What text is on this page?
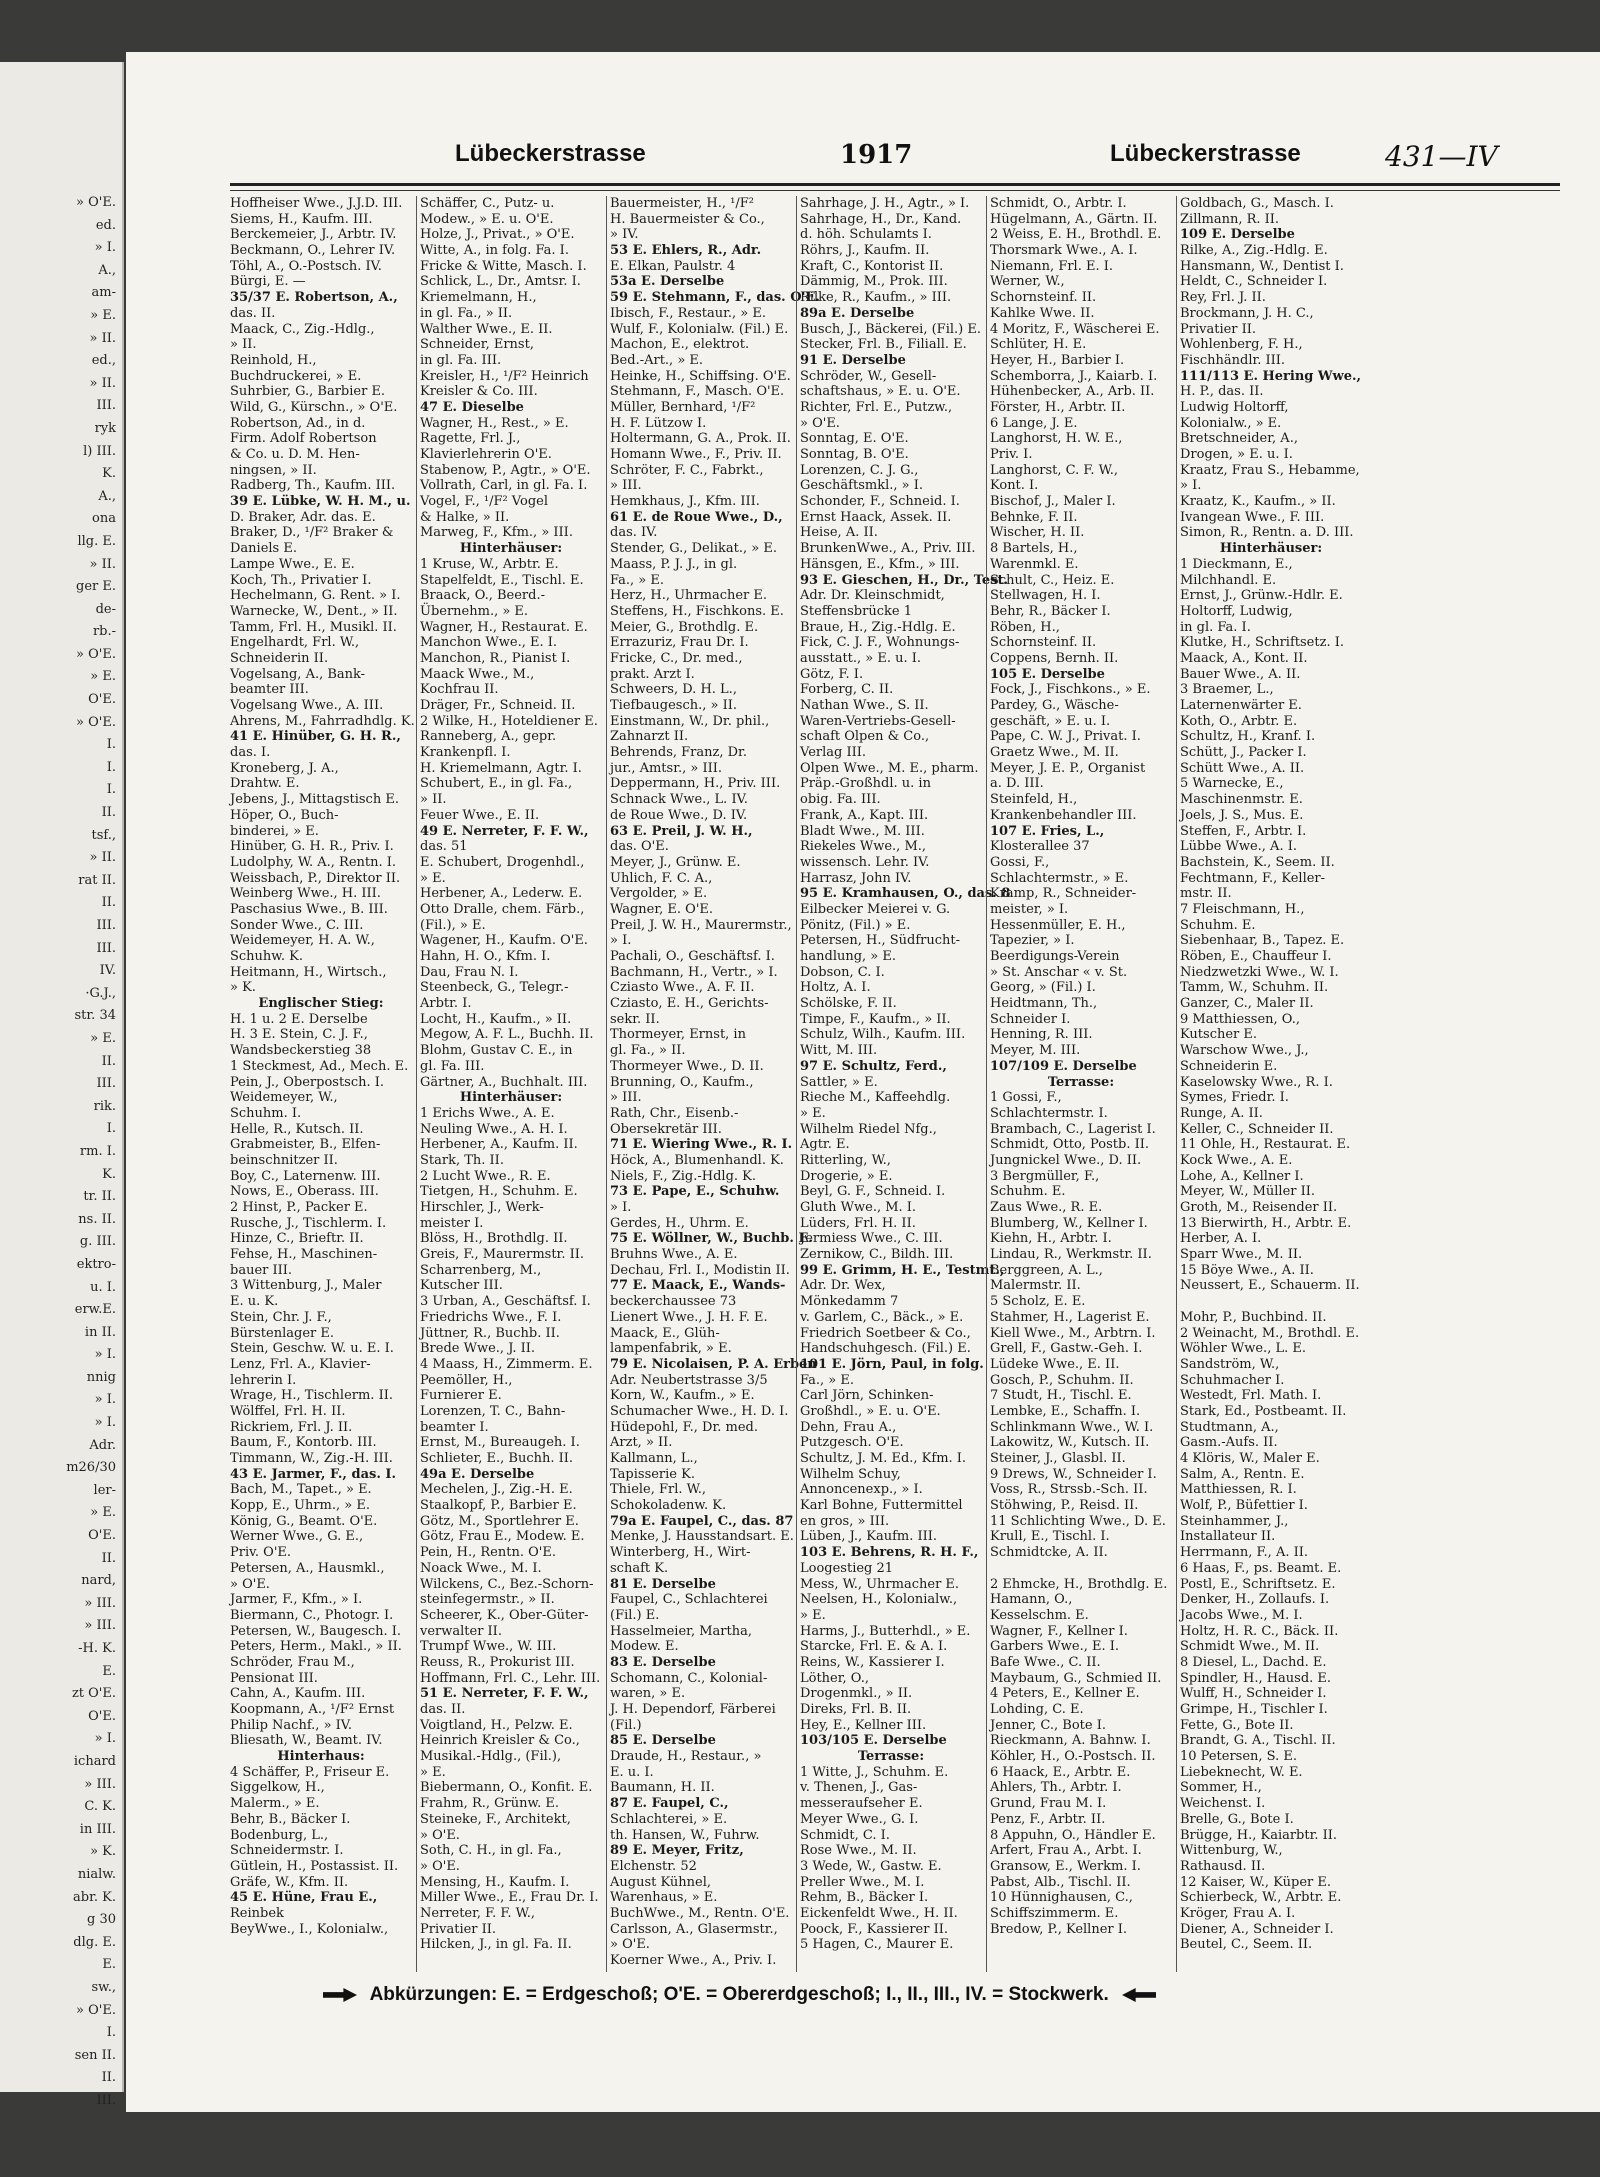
» O'E.
ed.
» I.
A.,
am-
» E.
» II.
ed.,
» II.
III.
ryk
l) III.
K.
A.,
ona
llg. E.
» II.
ger E.
de-
rb.-
» O'E.
» E.
O'E.
» O'E.
I.
I.
I.
II.
tsf.,
» II.
rat II.
II.
III.
III.
IV.
·G.J.,
str. 34
» E.
II.
III.
rik.
I.
rm. I.
K.
tr. II.
ns. II.
g. III.
ektro-
u. I.
erw.E.
in II.
» I.
nnig
» I.
» I.
Adr.
m26/30
ler-
» E.
O'E.
II.
nard,
» III.
» III.
-H. K.
E.
zt O'E.
O'E.
» I.
ichard
» III.
C. K.
in III.
» K.
nialw.
abr. K.
g 30
dlg. E.
E.
sw.,
» O'E.
I.
sen II.
II.
III.
Lübeckerstrasse	1917	Lübeckerstrasse	431—IV
Hoffheiser Wwe., J.J.D. III.
Siems, H., Kaufm. III.
Berckemeier, J., Arbtr. IV.
Beckmann, O., Lehrer IV.
Töhl, A., O.-Postsch. IV.
Bürgi, E. —
35/37 E. Robertson, A.,
das. II.
Maack, C., Zig.-Hdlg.,
» II.
Reinhold, H.,
Buchdruckerei, » E.
Suhrbier, G., Barbier E.
Wild, G., Kürschn., » O'E.
Robertson, Ad., in d.
Firm. Adolf Robertson
& Co. u. D. M. Hen-
ningsen, » II.
Radberg, Th., Kaufm. III.
39 E. Lübke, W. H. M., u.
D. Braker, Adr. das. E.
Braker, D., ¹/F² Braker &
Daniels E.
Lampe Wwe., E. E.
Koch, Th., Privatier I.
Hechelmann, G. Rent. » I.
Warnecke, W., Dent., » II.
Tamm, Frl. H., Musikl. II.
Engelhardt, Frl. W.,
Schneiderin II.
Vogelsang, A., Bank-
beamter III.
Vogelsang Wwe., A. III.
Ahrens, M., Fahrradhdlg. K.
41 E. Hinüber, G. H. R.,
das. I.
Kroneberg, J. A.,
Drahtw. E.
Jebens, J., Mittagstisch E.
Höper, O., Buch-
binderei, » E.
Hinüber, G. H. R., Priv. I.
Ludolphy, W. A., Rentn. I.
Weissbach, P., Direktor II.
Weinberg Wwe., H. III.
Paschasius Wwe., B. III.
Sonder Wwe., C. III.
Weidemeyer, H. A. W.,
Schuhw. K.
Heitmann, H., Wirtsch.,
» K.
Englischer Stieg:
H. 1 u. 2 E. Derselbe
H. 3 E. Stein, C. J. F.,
Wandsbeckerstieg 38
1 Steckmest, Ad., Mech. E.
Pein, J., Oberpostsch. I.
Weidemeyer, W.,
Schuhm. I.
Helle, R., Kutsch. II.
Grabmeister, B., Elfen-
beinschnitzer II.
Boy, C., Laternenw. III.
Nows, E., Oberass. III.
2 Hinst, P., Packer E.
Rusche, J., Tischlerm. I.
Hinze, C., Brieftr. II.
Fehse, H., Maschinen-
bauer III.
3 Wittenburg, J., Maler
E. u. K.
Stein, Chr. J. F.,
Bürstenlager E.
Stein, Geschw. W. u. E. I.
Lenz, Frl. A., Klavier-
lehrerin I.
Wrage, H., Tischlerm. II.
Wölffel, Frl. H. II.
Rickriem, Frl. J. II.
Baum, F., Kontorb. III.
Timmann, W., Zig.-H. III.
43 E. Jarmer, F., das. I.
Bach, M., Tapet., » E.
Kopp, E., Uhrm., » E.
König, G., Beamt. O'E.
Werner Wwe., G. E.,
Priv. O'E.
Petersen, A., Hausmkl.,
» O'E.
Jarmer, F., Kfm., » I.
Biermann, C., Photogr. I.
Petersen, W., Baugesch. I.
Peters, Herm., Makl., » II.
Schröder, Frau M.,
Pensionat III.
Cahn, A., Kaufm. III.
Koopmann, A., ¹/F² Ernst
Philip Nachf., » IV.
Bliesath, W., Beamt. IV.
Hinterhaus:
4 Schäffer, P., Friseur E.
Siggelkow, H.,
Malerm., » E.
Behr, B., Bäcker I.
Bodenburg, L.,
Schneidermstr. I.
Gütlein, H., Postassist. II.
Gräfe, W., Kfm. II.
45 E. Hüne, Frau E.,
Reinbek
BeyWwe., I., Kolonialw.,
Schäffer, C., Putz- u.
Modew., » E. u. O'E.
Holze, J., Privat., » O'E.
Witte, A., in folg. Fa. I.
Fricke & Witte, Masch. I.
Schlick, L., Dr., Amtsr. I.
Kriemelmann, H.,
in gl. Fa., » II.
Walther Wwe., E. II.
Schneider, Ernst,
in gl. Fa. III.
Kreisler, H., ¹/F² Heinrich
Kreisler & Co. III.
47 E. Dieselbe
Wagner, H., Rest., » E.
Ragette, Frl. J.,
Klavierlehrerin O'E.
Stabenow, P., Agtr., » O'E.
Vollrath, Carl, in gl. Fa. I.
Vogel, F., ¹/F² Vogel
& Halke, » II.
Marweg, F., Kfm., » III.
Hinterhäuser:
1 Kruse, W., Arbtr. E.
Stapelfeldt, E., Tischl. E.
Braack, O., Beerd.-
Übernehm., » E.
Wagner, H., Restaurat. E.
Manchon Wwe., E. I.
Manchon, R., Pianist I.
Maack Wwe., M.,
Kochfrau II.
Dräger, Fr., Schneid. II.
2 Wilke, H., Hoteldiener E.
Ranneberg, A., gepr.
Krankenpfl. I.
H. Kriemelmann, Agtr. I.
Schubert, E., in gl. Fa.,
» II.
Feuer Wwe., E. II.
49 E. Nerreter, F. F. W.,
das. 51
E. Schubert, Drogenhdl.,
» E.
Herbener, A., Lederw. E.
Otto Dralle, chem. Färb.,
(Fil.), » E.
Wagener, H., Kaufm. O'E.
Hahn, H. O., Kfm. I.
Dau, Frau N. I.
Steenbeck, G., Telegr.-
Arbtr. I.
Locht, H., Kaufm., » II.
Megow, A. F. L., Buchh. II.
Blohm, Gustav C. E., in
gl. Fa. III.
Gärtner, A., Buchhalt. III.
Hinterhäuser:
1 Erichs Wwe., A. E.
Neuling Wwe., A. H. I.
Herbener, A., Kaufm. II.
Stark, Th. II.
2 Lucht Wwe., R. E.
Tietgen, H., Schuhm. E.
Hirschler, J., Werk-
meister I.
Blöss, H., Brothdlg. II.
Greis, F., Maurermstr. II.
Scharrenberg, M.,
Kutscher III.
3 Urban, A., Geschäftsf. I.
Friedrichs Wwe., F. I.
Jüttner, R., Buchb. II.
Brede Wwe., J. II.
4 Maass, H., Zimmerm. E.
Peemöller, H.,
Furnierer E.
Lorenzen, T. C., Bahn-
beamter I.
Ernst, M., Bureaugeh. I.
Schlieter, E., Buchh. II.
49a E. Derselbe
Mechelen, J., Zig.-H. E.
Staalkopf, P., Barbier E.
Götz, M., Sportlehrer E.
Götz, Frau E., Modew. E.
Pein, H., Rentn. O'E.
Noack Wwe., M. I.
Wilckens, C., Bez.-Schorn-
steinfegermstr., » II.
Scheerer, K., Ober-Güter-
verwalter II.
Trumpf Wwe., W. III.
Reuss, R., Prokurist III.
Hoffmann, Frl. C., Lehr. III.
51 E. Nerreter, F. F. W.,
das. II.
Voigtland, H., Pelzw. E.
Heinrich Kreisler & Co.,
Musikal.-Hdlg., (Fil.),
» E.
Biebermann, O., Konfit. E.
Frahm, R., Grünw. E.
Steineke, F., Architekt,
» O'E.
Soth, C. H., in gl. Fa.,
» O'E.
Mensing, H., Kaufm. I.
Miller Wwe., E., Frau Dr. I.
Nerreter, F. F. W.,
Privatier II.
Hilcken, J., in gl. Fa. II.
Bauermeister, H., ¹/F²
H. Bauermeister & Co.,
» IV.
53 E. Ehlers, R., Adr.
E. Elkan, Paulstr. 4
53a E. Derselbe
59 E. Stehmann, F., das. O'E.
Ibisch, F., Restaur., » E.
Wulf, F., Kolonialw. (Fil.) E.
Machon, E., elektrot.
Bed.-Art., » E.
Heinke, H., Schiffsing. O'E.
Stehmann, F., Masch. O'E.
Müller, Bernhard, ¹/F²
H. F. Lützow I.
Holtermann, G. A., Prok. II.
Homann Wwe., F., Priv. II.
Schröter, F. C., Fabrkt.,
» III.
Hemkhaus, J., Kfm. III.
61 E. de Roue Wwe., D.,
das. IV.
Stender, G., Delikat., » E.
Maass, P. J. J., in gl.
Fa., » E.
Herz, H., Uhrmacher E.
Steffens, H., Fischkons. E.
Meier, G., Brothdlg. E.
Errazuriz, Frau Dr. I.
Fricke, C., Dr. med.,
prakt. Arzt I.
Schweers, D. H. L.,
Tiefbaugesch., » II.
Einstmann, W., Dr. phil.,
Zahnarzt II.
Behrends, Franz, Dr.
jur., Amtsr., » III.
Deppermann, H., Priv. III.
Schnack Wwe., L. IV.
de Roue Wwe., D. IV.
63 E. Preil, J. W. H.,
das. O'E.
Meyer, J., Grünw. E.
Uhlich, F. C. A.,
Vergolder, » E.
Wagner, E. O'E.
Preil, J. W. H., Maurermstr.,
» I.
Pachali, O., Geschäftsf. I.
Bachmann, H., Vertr., » I.
Cziasto Wwe., A. F. II.
Cziasto, E. H., Gerichts-
sekr. II.
Thormeyer, Ernst, in
gl. Fa., » II.
Thormeyer Wwe., D. II.
Brunning, O., Kaufm.,
» III.
Rath, Chr., Eisenb.-
Obersekretär III.
71 E. Wiering Wwe., R. I.
Höck, A., Blumenhandl. K.
Niels, F., Zig.-Hdlg. K.
73 E. Pape, E., Schuhw.
» I.
Gerdes, H., Uhrm. E.
75 E. Wöllner, W., Buchb. E.
Bruhns Wwe., A. E.
Dechau, Frl. I., Modistin II.
77 E. Maack, E., Wands-
beckerchaussee 73
Lienert Wwe., J. H. F. E.
Maack, E., Glüh-
lampenfabrik, » E.
79 E. Nicolaisen, P. A. Erben
Adr. Neubertstrasse 3/5
Korn, W., Kaufm., » E.
Schumacher Wwe., H. D. I.
Hüdepohl, F., Dr. med.
Arzt, » II.
Kallmann, L.,
Tapisserie K.
Thiele, Frl. W.,
Schokoladenw. K.
79a E. Faupel, C., das. 87
Menke, J. Hausstandsart. E.
Winterberg, H., Wirt-
schaft K.
81 E. Derselbe
Faupel, C., Schlachterei
(Fil.) E.
Hasselmeier, Martha,
Modew. E.
83 E. Derselbe
Schomann, C., Kolonial-
waren, » E.
J. H. Dependorf, Färberei
(Fil.)
85 E. Derselbe
Draude, H., Restaur., »
E. u. I.
Baumann, H. II.
87 E. Faupel, C.,
Schlachterei, » E.
th. Hansen, W., Fuhrw.
89 E. Meyer, Fritz,
Elchenstr. 52
August Kühnel,
Warenhaus, » E.
BuchWwe., M., Rentn. O'E.
Carlsson, A., Glasermstr.,
» O'E.
Koerner Wwe., A., Priv. I.
Sahrhage, J. H., Agtr., » I.
Sahrhage, H., Dr., Kand.
d. höh. Schulamts I.
Röhrs, J., Kaufm. II.
Kraft, C., Kontorist II.
Dämmig, M., Prok. III.
Rilke, R., Kaufm., » III.
89a E. Derselbe
Busch, J., Bäckerei, (Fil.) E.
Stecker, Frl. B., Filiall. E.
91 E. Derselbe
Schröder, W., Gesell-
schaftshaus, » E. u. O'E.
Richter, Frl. E., Putzw.,
» O'E.
Sonntag, E. O'E.
Sonntag, B. O'E.
Lorenzen, C. J. G.,
Geschäftsmkl., » I.
Schonder, F., Schneid. I.
Ernst Haack, Assek. II.
Heise, A. II.
BrunkenWwe., A., Priv. III.
Hänsgen, E., Kfm., » III.
93 E. Gieschen, H., Dr., Test.
Adr. Dr. Kleinschmidt,
Steffensbrücke 1
Braue, H., Zig.-Hdlg. E.
Fick, C. J. F., Wohnungs-
ausstatt., » E. u. I.
Götz, F. I.
Forberg, C. II.
Nathan Wwe., S. II.
Waren-Vertriebs-Gesell-
schaft Olpen & Co.,
Verlag III.
Olpen Wwe., M. E., pharm.
Präp.-Großhdl. u. in
obig. Fa. III.
Frank, A., Kapt. III.
Bladt Wwe., M. III.
Riekeles Wwe., M.,
wissensch. Lehr. IV.
Harrasz, John IV.
95 E. Kramhausen, O., das. 8
Eilbecker Meierei v. G.
Pönitz, (Fil.) » E.
Petersen, H., Südfrucht-
handlung, » E.
Dobson, C. I.
Holtz, A. I.
Schölske, F. II.
Timpe, F., Kaufm., » II.
Schulz, Wilh., Kaufm. III.
Witt, M. III.
97 E. Schultz, Ferd.,
Sattler, » E.
Rieche M., Kaffeehdlg.
» E.
Wilhelm Riedel Nfg.,
Agtr. E.
Ritterling, W.,
Drogerie, » E.
Beyl, G. F., Schneid. I.
Gluth Wwe., M. I.
Lüders, Frl. H. II.
Jermiess Wwe., C. III.
Zernikow, C., Bildh. III.
99 E. Grimm, H. E., Testmt.,
Adr. Dr. Wex,
Mönkedamm 7
v. Garlem, C., Bäck., » E.
Friedrich Soetbeer & Co.,
Handschuhgesch. (Fil.) E.
101 E. Jörn, Paul, in folg.
Fa., » E.
Carl Jörn, Schinken-
Großhdl., » E. u. O'E.
Dehn, Frau A.,
Putzgesch. O'E.
Schultz, J. M. Ed., Kfm. I.
Wilhelm Schuy,
Annoncenexp., » I.
Karl Bohne, Futtermittel
en gros, » III.
Lüben, J., Kaufm. III.
103 E. Behrens, R. H. F.,
Loogestieg 21
Mess, W., Uhrmacher E.
Neelsen, H., Kolonialw.,
» E.
Harms, J., Butterhdl., » E.
Starcke, Frl. E. & A. I.
Reins, W., Kassierer I.
Löther, O.,
Drogenmkl., » II.
Direks, Frl. B. II.
Hey, E., Kellner III.
103/105 E. Derselbe
Terrasse:
1 Witte, J., Schuhm. E.
v. Thenen, J., Gas-
messeraufseher E.
Meyer Wwe., G. I.
Schmidt, C. I.
Rose Wwe., M. II.
3 Wede, W., Gastw. E.
Preller Wwe., M. I.
Rehm, B., Bäcker I.
Eickenfeldt Wwe., H. II.
Poock, F., Kassierer II.
5 Hagen, C., Maurer E.
Schmidt, O., Arbtr. I.
Hügelmann, A., Gärtn. II.
2 Weiss, E. H., Brothdl. E.
Thorsmark Wwe., A. I.
Niemann, Frl. E. I.
Werner, W.,
Schornsteinf. II.
Kahlke Wwe. II.
4 Moritz, F., Wäscherei E.
Schlüter, H. E.
Heyer, H., Barbier I.
Schemborra, J., Kaiarb. I.
Hühenbecker, A., Arb. II.
Förster, H., Arbtr. II.
6 Lange, J. E.
Langhorst, H. W. E.,
Priv. I.
Langhorst, C. F. W.,
Kont. I.
Bischof, J., Maler I.
Behnke, F. II.
Wischer, H. II.
8 Bartels, H.,
Warenmkl. E.
Schult, C., Heiz. E.
Stellwagen, H. I.
Behr, R., Bäcker I.
Röben, H.,
Schornsteinf. II.
Coppens, Bernh. II.
105 E. Derselbe
Fock, J., Fischkons., » E.
Pardey, G., Wäsche-
geschäft, » E. u. I.
Pape, C. W. J., Privat. I.
Graetz Wwe., M. II.
Meyer, J. E. P., Organist
a. D. III.
Steinfeld, H.,
Krankenbehandler III.
107 E. Fries, L.,
Klosterallee 37
Gossi, F.,
Schlachtermstr., » E.
Kramp, R., Schneider-
meister, » I.
Hessenmüller, E. H.,
Tapezier, » I.
Beerdigungs-Verein
» St. Anschar « v. St.
Georg, » (Fil.) I.
Heidtmann, Th.,
Schneider I.
Henning, R. III.
Meyer, M. III.
107/109 E. Derselbe
Terrasse:
1 Gossi, F.,
Schlachtermstr. I.
Brambach, C., Lagerist I.
Schmidt, Otto, Postb. II.
Jungnickel Wwe., D. II.
3 Bergmüller, F.,
Schuhm. E.
Zaus Wwe., R. E.
Blumberg, W., Kellner I.
Kiehn, H., Arbtr. I.
Lindau, R., Werkmstr. II.
Berggreen, A. L.,
Malermstr. II.
5 Scholz, E. E.
Stahmer, H., Lagerist E.
Kiell Wwe., M., Arbtrn. I.
Grell, F., Gastw.-Geh. I.
Lüdeke Wwe., E. II.
Gosch, P., Schuhm. II.
7 Studt, H., Tischl. E.
Lembke, E., Schaffn. I.
Schlinkmann Wwe., W. I.
Lakowitz, W., Kutsch. II.
Steiner, J., Glasbl. II.
9 Drews, W., Schneider I.
Voss, R., Strssb.-Sch. II.
Stöhwing, P., Reisd. II.
11 Schlichting Wwe., D. E.
Krull, E., Tischl. I.
Schmidtcke, A. II.
2 Ehmcke, H., Brothdlg. E.
Hamann, O.,
Kesselschm. E.
Wagner, F., Kellner I.
Garbers Wwe., E. I.
Bafe Wwe., C. II.
Maybaum, G., Schmied II.
4 Peters, E., Kellner E.
Lohding, C. E.
Jenner, C., Bote I.
Rieckmann, A. Bahnw. I.
Köhler, H., O.-Postsch. II.
6 Haack, E., Arbtr. E.
Ahlers, Th., Arbtr. I.
Grund, Frau M. I.
Penz, F., Arbtr. II.
8 Appuhn, O., Händler E.
Arfert, Frau A., Arbt. I.
Gransow, E., Werkm. I.
Pabst, Alb., Tischl. II.
10 Hünnighausen, C.,
Schiffszimmerm. E.
Bredow, P., Kellner I.
Goldbach, G., Masch. I.
Zillmann, R. II.
109 E. Derselbe
Rilke, A., Zig.-Hdlg. E.
Hansmann, W., Dentist I.
Heldt, C., Schneider I.
Rey, Frl. J. II.
Brockmann, J. H. C.,
Privatier II.
Wohlenberg, F. H.,
Fischhändlr. III.
111/113 E. Hering Wwe.,
H. P., das. II.
Ludwig Holtorff,
Kolonialw., » E.
Bretschneider, A.,
Drogen, » E. u. I.
Kraatz, Frau S., Hebamme,
» I.
Kraatz, K., Kaufm., » II.
Ivangean Wwe., F. III.
Simon, R., Rentn. a. D. III.
Hinterhäuser:
1 Dieckmann, E.,
Milchhandl. E.
Ernst, J., Grünw.-Hdlr. E.
Holtorff, Ludwig,
in gl. Fa. I.
Klutke, H., Schriftsetz. I.
Maack, A., Kont. II.
Bauer Wwe., A. II.
3 Braemer, L.,
Laternenwärter E.
Koth, O., Arbtr. E.
Schultz, H., Kranf. I.
Schütt, J., Packer I.
Schütt Wwe., A. II.
5 Warnecke, E.,
Maschinenmstr. E.
Joels, J. S., Mus. E.
Steffen, F., Arbtr. I.
Lübbe Wwe., A. I.
Bachstein, K., Seem. II.
Fechtmann, F., Keller-
mstr. II.
7 Fleischmann, H.,
Schuhm. E.
Siebenhaar, B., Tapez. E.
Röben, E., Chauffeur I.
Niedzwetzki Wwe., W. I.
Tamm, W., Schuhm. II.
Ganzer, C., Maler II.
9 Matthiessen, O.,
Kutscher E.
Warschow Wwe., J.,
Schneiderin E.
Kaselowsky Wwe., R. I.
Symes, Friedr. I.
Runge, A. II.
Keller, C., Schneider II.
11 Ohle, H., Restaurat. E.
Kock Wwe., A. E.
Lohe, A., Kellner I.
Meyer, W., Müller II.
Groth, M., Reisender II.
13 Bierwirth, H., Arbtr. E.
Herber, A. I.
Sparr Wwe., M. II.
15 Böye Wwe., A. II.
Neussert, E., Schauerm. II.
Mohr, P., Buchbind. II.
2 Weinacht, M., Brothdl. E.
Wöhler Wwe., L. E.
Sandström, W.,
Schuhmacher I.
Westedt, Frl. Math. I.
Stark, Ed., Postbeamt. II.
Studtmann, A.,
Gasm.-Aufs. II.
4 Klöris, W., Maler E.
Salm, A., Rentn. E.
Matthiessen, R. I.
Wolf, P., Büfettier I.
Steinhammer, J.,
Installateur II.
Herrmann, F., A. II.
6 Haas, F., ps. Beamt. E.
Postl, E., Schriftsetz. E.
Denker, H., Zollaufs. I.
Jacobs Wwe., M. I.
Holtz, H. R. C., Bäck. II.
Schmidt Wwe., M. II.
8 Diesel, L., Dachd. E.
Spindler, H., Hausd. E.
Wulff, H., Schneider I.
Grimpe, H., Tischler I.
Fette, G., Bote II.
Brandt, G. A., Tischl. II.
10 Petersen, S. E.
Liebeknecht, W. E.
Sommer, H.,
Weichenst. I.
Brelle, G., Bote I.
Brügge, H., Kaiarbtr. II.
Wittenburg, W.,
Rathausd. II.
12 Kaiser, W., Küper E.
Schierbeck, W., Arbtr. E.
Kröger, Frau A. I.
Diener, A., Schneider I.
Beutel, C., Seem. II.
Abkürzungen: E. = Erdgeschoß; O'E. = Obererdgeschoß; I., II., III., IV. = Stockwerk.
